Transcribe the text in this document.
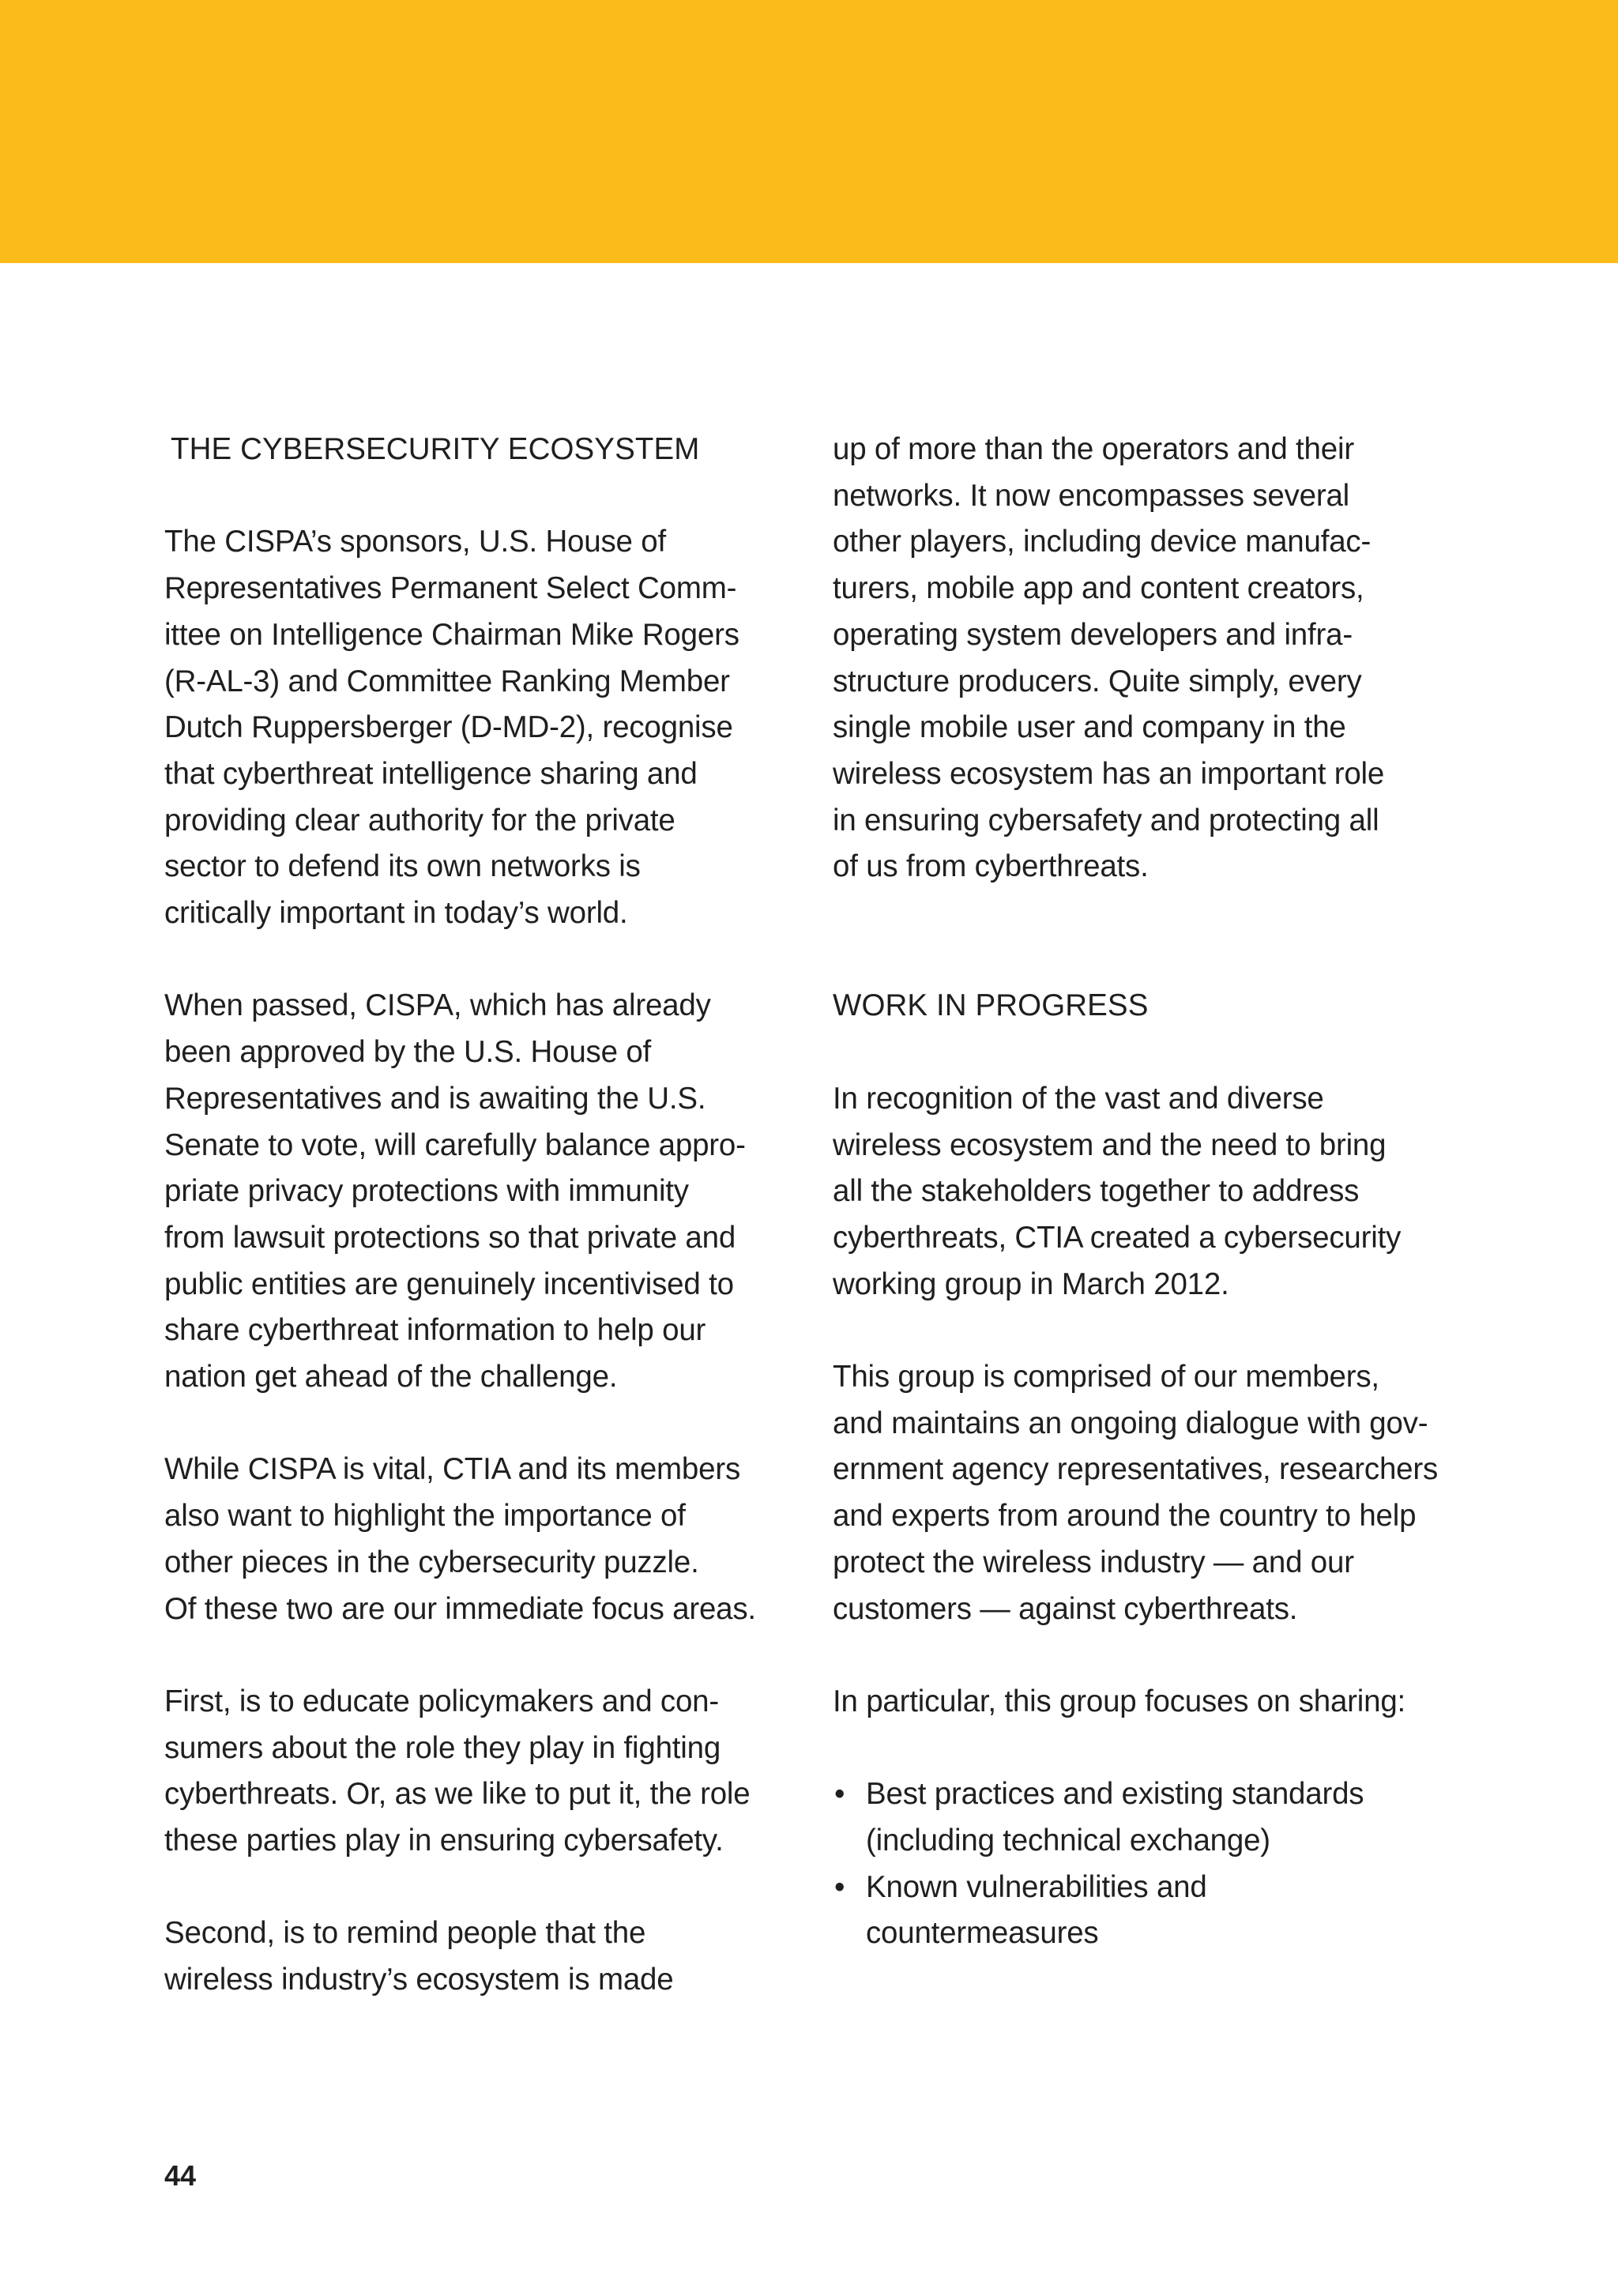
THE CYBERSECURITY ECOSYSTEM
The CISPA’s sponsors, U.S. House of
Representatives Permanent Select Comm-
ittee on Intelligence Chairman Mike Rogers
(R-AL-3) and Committee Ranking Member
Dutch Ruppersberger (D-MD-2), recognise
that cyberthreat intelligence sharing and
providing clear authority for the private
sector to defend its own networks is
critically important in today’s world.
When passed, CISPA, which has already
been approved by the U.S. House of
Representatives and is awaiting the U.S.
Senate to vote, will carefully balance appro-
priate privacy protections with immunity
from lawsuit protections so that private and
public entities are genuinely incentivised to
share cyberthreat information to help our
nation get ahead of the challenge.
While CISPA is vital, CTIA and its members
also want to highlight the importance of
other pieces in the cybersecurity puzzle.
Of these two are our immediate focus areas.
First, is to educate policymakers and con-
sumers about the role they play in fighting
cyberthreats. Or, as we like to put it, the role
these parties play in ensuring cybersafety.
Second, is to remind people that the
wireless industry’s ecosystem is made
up of more than the operators and their
networks. It now encompasses several
other players, including device manufac-
turers, mobile app and content creators,
operating system developers and infra-
structure producers. Quite simply, every
single mobile user and company in the
wireless ecosystem has an important role
in ensuring cybersafety and protecting all
of us from cyberthreats.
WORK IN PROGRESS
In recognition of the vast and diverse
wireless ecosystem and the need to bring
all the stakeholders together to address
cyberthreats, CTIA created a cybersecurity
working group in March 2012.
This group is comprised of our members,
and maintains an ongoing dialogue with gov-
ernment agency representatives, researchers
and experts from around the country to help
protect the wireless industry — and our
customers — against cyberthreats.
In particular, this group focuses on sharing:
• Best practices and existing standards
(including technical exchange)
• Known vulnerabilities and
countermeasures
44
